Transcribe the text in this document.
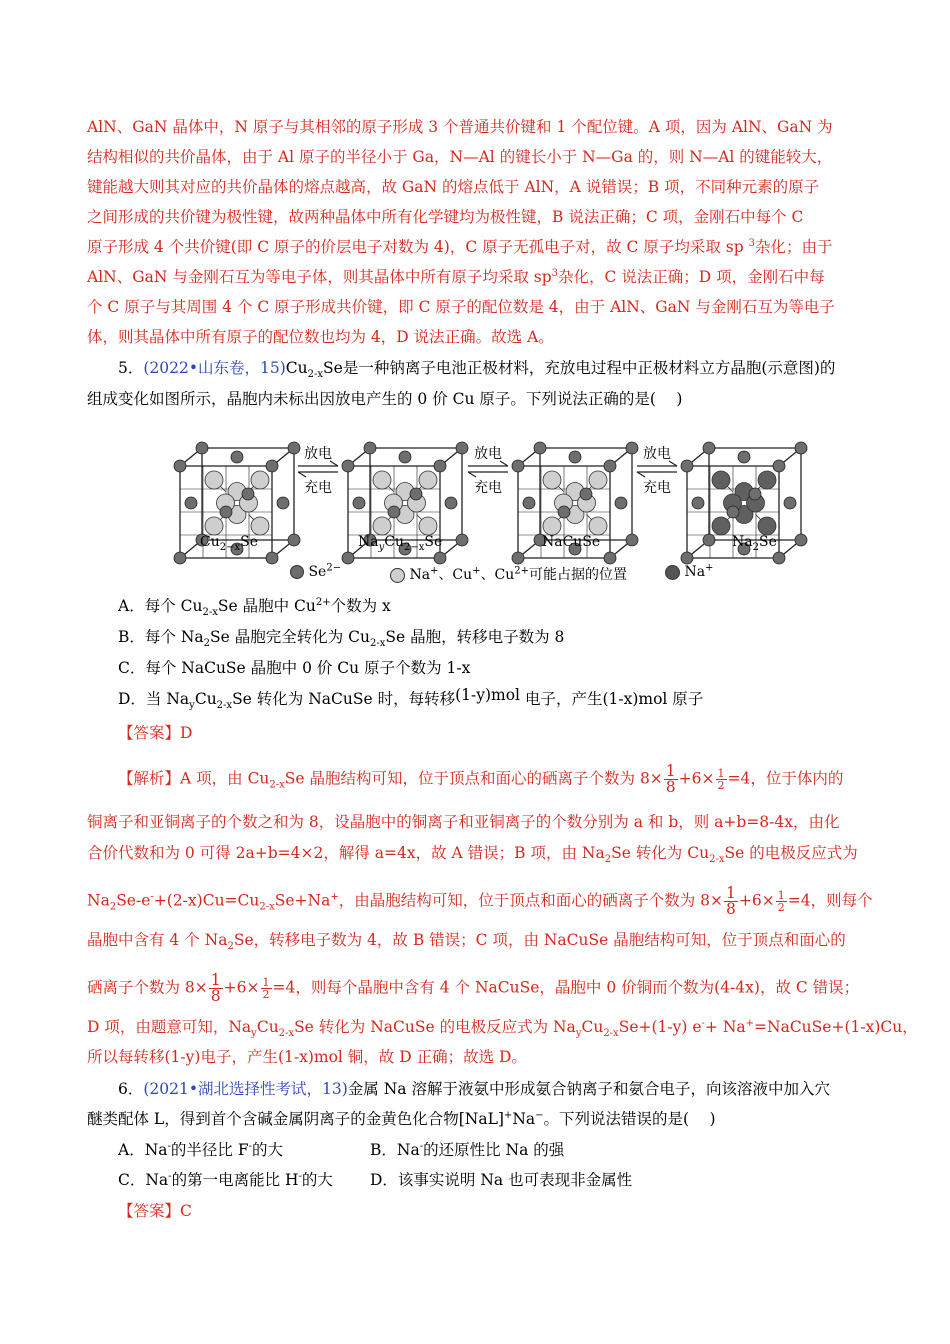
AlN、GaN 晶体中，N 原子与其相邻的原子形成 3 个普通共价键和 1 个配位键。A 项，因为 AlN、GaN 为
结构相似的共价晶体，由于 Al 原子的半径小于 Ga，N—Al 的键长小于 N—Ga 的，则 N—Al 的键能较大，
键能越大则其对应的共价晶体的熔点越高，故 GaN 的熔点低于 AlN，A 说错误；B 项，不同种元素的原子
之间形成的共价键为极性键，故两种晶体中所有化学键均为极性键，B 说法正确；C 项，金刚石中每个 C
原子形成 4 个共价键(即 C 原子的价层电子对数为 4)，C 原子无孤电子对，故 C 原子均采取 sp $^3$杂化；由于
AlN、GaN 与金刚石互为等电子体，则其晶体中所有原子均采取 $sp^3$杂化，C 说法正确；D 项，金刚石中每
个 C 原子与其周围 4 个 C 原子形成共价键，即 C 原子的配位数是 4，由于 AlN、GaN 与金刚石互为等电子
体，则其晶体中所有原子的配位数也均为 4，D 说法正确。故选 A。
5．(2022•山东卷，$15)Cu_{2-x}Se$是一种钠离子电池正极材料，充放电过程中正极材料立方晶胞(示意图)的
组成变化如图所示，晶胞内未标出因放电产生的 0 价 Cu 原子。下列说法正确的是(　 )
放电
充电
放电
充电
放电
充电
$Cu_{2-x}Se$	$Na_yCu_{2-x}Se$	NaCuSe	$Na_2Se$
$Se^{2-}$	Na+、Cu+、$Cu^{2+}$可能占据的位置	Na+
A．每个 $Cu_{2-x}Se$ 晶胞中 $Cu^{2+}$个数为 x
B．每个 $Na_2Se$ 晶胞完全转化为 $Cu_{2-x}Se$ 晶胞，转移电子数为 8
C．每个 NaCuSe 晶胞中 0 价 Cu 原子个数为 1-x
D．当 $Na_yCu_{2-x}Se$ 转化为 NaCuSe 时，每转移(1-y)mol 电子，产生(1-x)mol 原子
【答案】D
【解析】A 项，由 $Cu_{2-x}Se$ 晶胞结构可知，位于顶点和面心的硒离子个数为 $8\times \frac{1}{8} +6\times \frac{1}{2} =4$，位于体内的
铜离子和亚铜离子的个数之和为 8，设晶胞中的铜离子和亚铜离子的个数分别为 a 和 b，则 a+b=8-4x，由化
合价代数和为 0 可得 2a+b=4×2，解得 a=4x，故 A 错误；B 项，由 $Na_2Se$ 转化为 $Cu_{2-x}Se$ 的电极反应式为
$Na_2Se-e^-+(2-x)Cu=Cu_{2-x}Se+Na^+$，由晶胞结构可知，位于顶点和面心的硒离子个数为 $8\times \frac{1}{8} +6\times \frac{1}{2} =4$，则每个
晶胞中含有 4 个 $Na_2Se$，转移电子数为 4，故 B 错误；C 项，由 NaCuSe 晶胞结构可知，位于顶点和面心的
硒离子个数为 $8\times \frac{1}{8} +6\times \frac{1}{2} =4$，则每个晶胞中含有 4 个 NaCuSe，晶胞中 0 价铜而个数为(4-4x)，故 C 错误；
D 项，由题意可知，$Na_yCu_{2-x}Se$ 转化为 NaCuSe 的电极反应式为 $Na_yCu_{2-x}Se+(1-y)$ e-+ Na+=NaCuSe+(1-x)Cu，
所以每转移(1-y)电子，产生(1-x)mol 铜，故 D 正确；故选 D。
6．(2021•湖北选择性考试，13)金属 Na 溶解于液氨中形成氨合钠离子和氨合电子，向该溶液中加入穴
醚类配体 L，得到首个含碱金属阴离子的金黄色化合物[NaL]+Na−。下列说法错误的是(　 )
A．Na-的半径比 F-的大	B．Na-的还原性比 Na 的强
C．Na-的第一电离能比 H-的大 D．该事实说明 Na 也可表现非金属性
【答案】C
